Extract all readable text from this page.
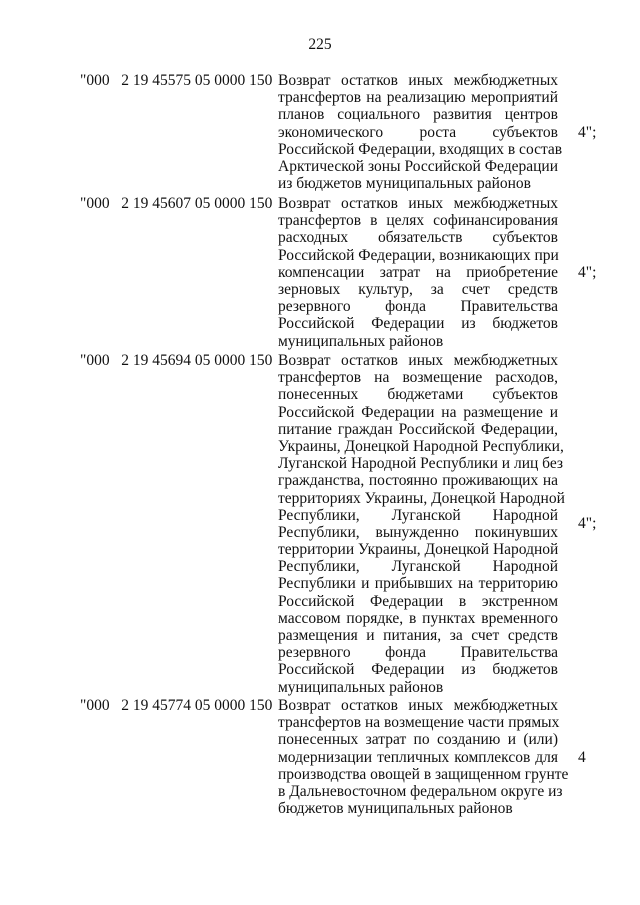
225
"000   2 19 45575 05 0000 150 Возврат остатков иных межбюджетных
трансфертов на реализацию мероприятий
планов социального развития центров
экономического роста субъектов
Российской Федерации, входящих в состав
Арктической зоны Российской Федерации
из бюджетов муниципальных районов
4";
"000   2 19 45607 05 0000 150 Возврат остатков иных межбюджетных
трансфертов в целях софинансирования
расходных обязательств субъектов
Российской Федерации, возникающих при
компенсации затрат на приобретение
зерновых культур, за счет средств
резервного фонда Правительства
Российской Федерации из бюджетов
муниципальных районов
4";
"000   2 19 45694 05 0000 150 Возврат остатков иных межбюджетных
трансфертов на возмещение расходов,
понесенных бюджетами субъектов
Российской Федерации на размещение и
питание граждан Российской Федерации,
Украины, Донецкой Народной Республики,
Луганской Народной Республики и лиц без
гражданства, постоянно проживающих на
территориях Украины, Донецкой Народной
Республики, Луганской Народной
Республики, вынужденно покинувших
территории Украины, Донецкой Народной
Республики, Луганской Народной
Республики и прибывших на территорию
Российской Федерации в экстренном
массовом порядке, в пунктах временного
размещения и питания, за счет средств
резервного фонда Правительства
Российской Федерации из бюджетов
муниципальных районов
4";
"000   2 19 45774 05 0000 150 Возврат остатков иных межбюджетных
трансфертов на возмещение части прямых
понесенных затрат по созданию и (или)
модернизации тепличных комплексов для
производства овощей в защищенном грунте
в Дальневосточном федеральном округе из
бюджетов муниципальных районов
4
